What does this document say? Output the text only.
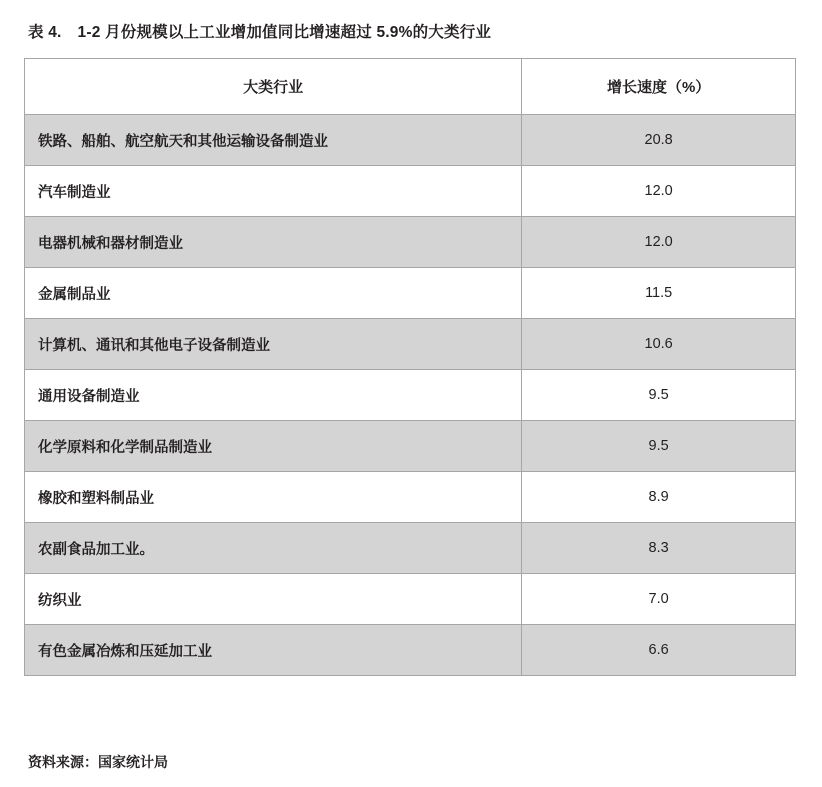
表 4. 1-2 月份规模以上工业增加值同比增速超过 5.9%的大类行业
大类行业	增长速度（%）
铁路、船舶、航空航天和其他运输设备制造业	20.8
汽车制造业	12.0
电器机械和器材制造业	12.0
金属制品业	11.5
计算机、通讯和其他电子设备制造业	10.6
通用设备制造业	9.5
化学原料和化学制品制造业	9.5
橡胶和塑料制品业	8.9
农副食品加工业。	8.3
纺织业	7.0
有色金属冶炼和压延加工业	6.6
资料来源：国家统计局
